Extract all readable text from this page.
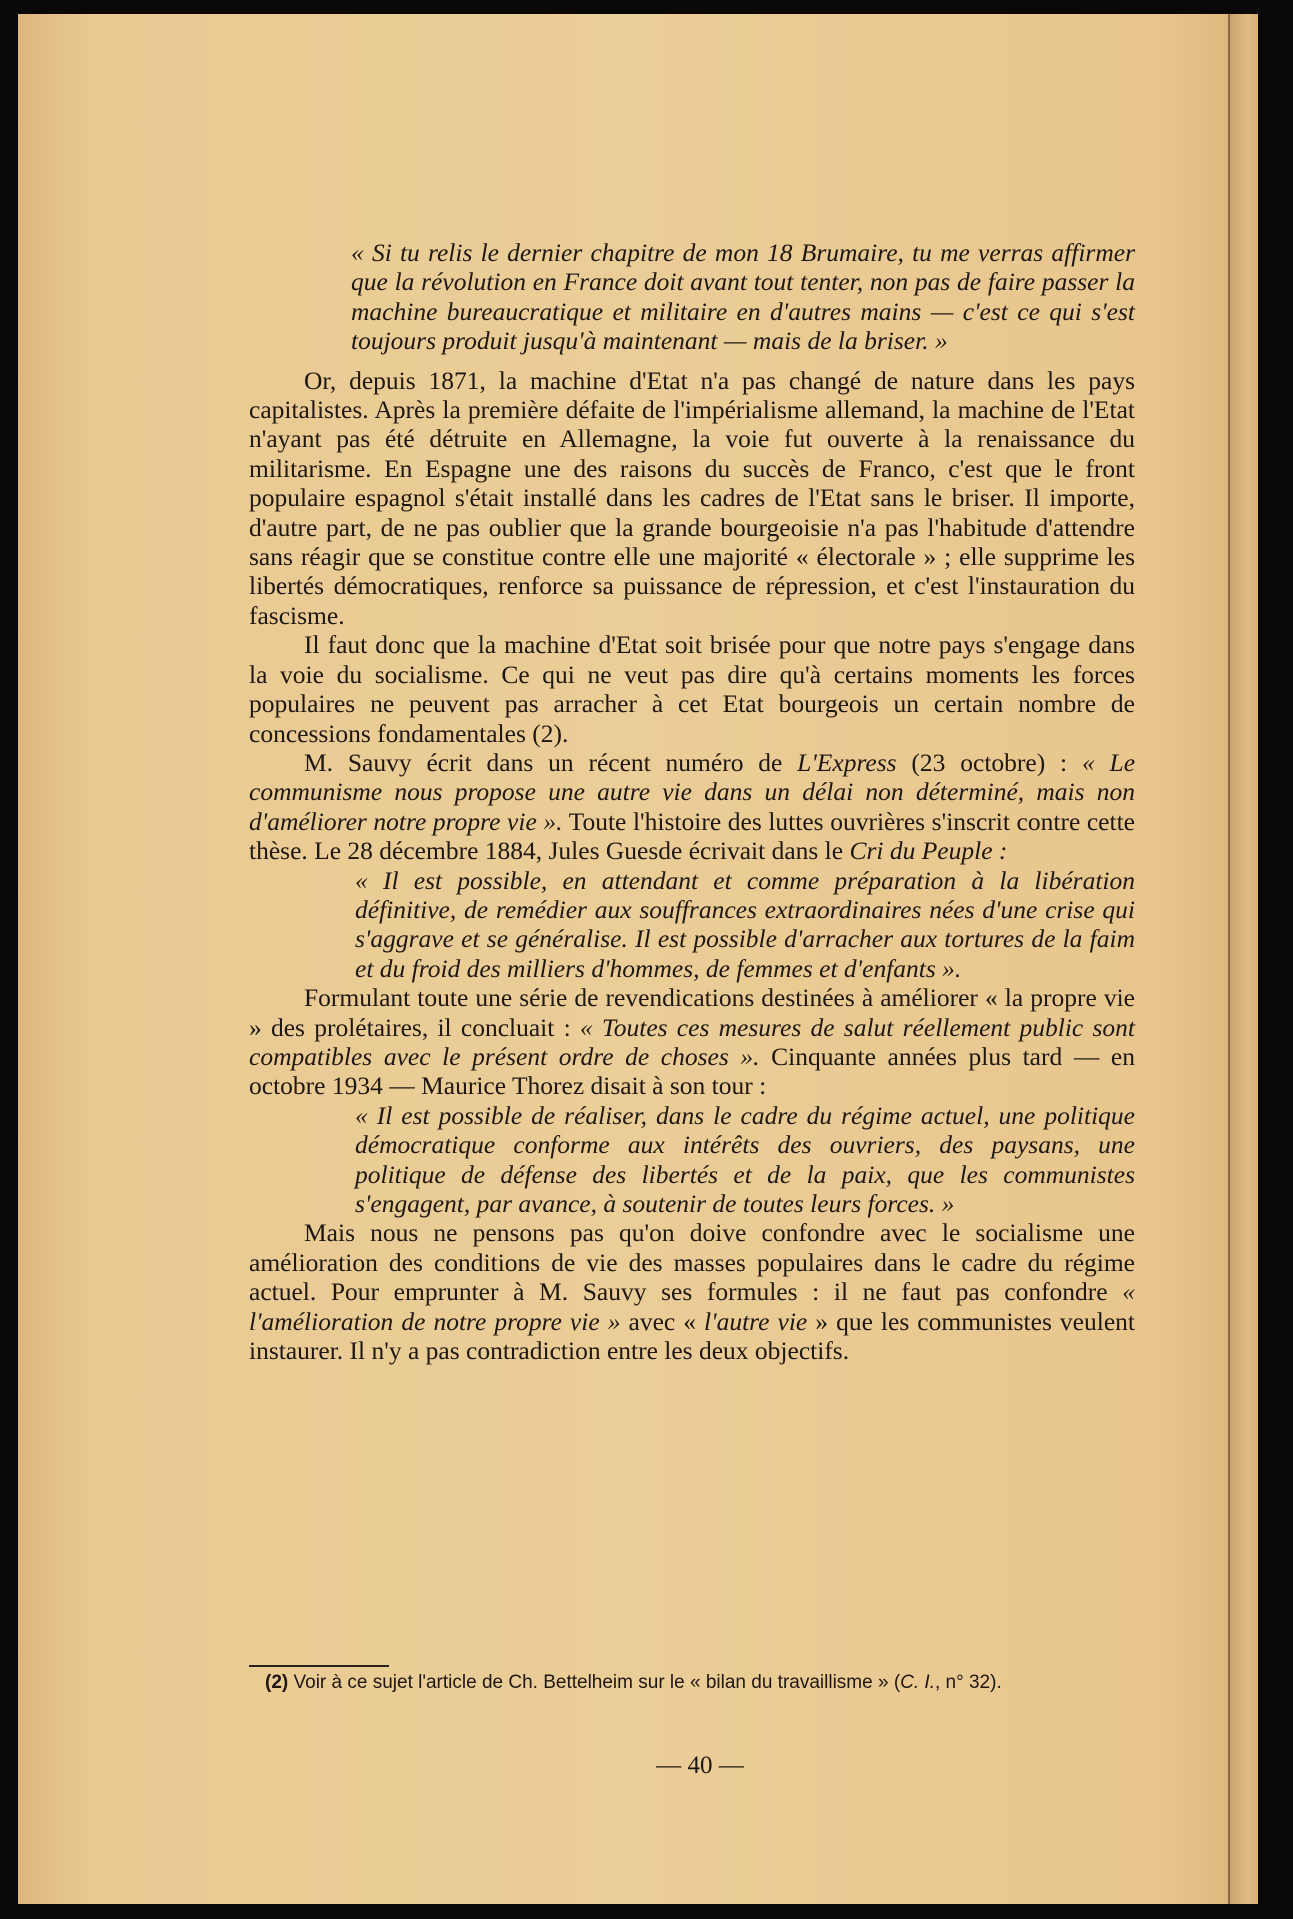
« Si tu relis le dernier chapitre de mon 18 Brumaire, tu me verras affirmer que la révolution en France doit avant tout tenter, non pas de faire passer la machine bureaucratique et militaire en d'autres mains — c'est ce qui s'est toujours produit jusqu'à maintenant — mais de la briser. »

Or, depuis 1871, la machine d'Etat n'a pas changé de nature dans les pays capitalistes. Après la première défaite de l'impérialisme allemand, la machine de l'Etat n'ayant pas été détruite en Allemagne, la voie fut ouverte à la renaissance du militarisme. En Espagne une des raisons du succès de Franco, c'est que le front populaire espagnol s'était installé dans les cadres de l'Etat sans le briser. Il importe, d'autre part, de ne pas oublier que la grande bourgeoisie n'a pas l'habitude d'attendre sans réagir que se constitue contre elle une majorité « électorale » ; elle supprime les libertés démocratiques, renforce sa puissance de répression, et c'est l'instauration du fascisme.

Il faut donc que la machine d'Etat soit brisée pour que notre pays s'engage dans la voie du socialisme. Ce qui ne veut pas dire qu'à certains moments les forces populaires ne peuvent pas arracher à cet Etat bourgeois un certain nombre de concessions fondamentales (2).

M. Sauvy écrit dans un récent numéro de L'Express (23 octobre) : « Le communisme nous propose une autre vie dans un délai non déterminé, mais non d'améliorer notre propre vie ». Toute l'histoire des luttes ouvrières s'inscrit contre cette thèse. Le 28 décembre 1884, Jules Guesde écrivait dans le Cri du Peuple :

« Il est possible, en attendant et comme préparation à la libération définitive, de remédier aux souffrances extraordinaires nées d'une crise qui s'aggrave et se généralise. Il est possible d'arracher aux tortures de la faim et du froid des milliers d'hommes, de femmes et d'enfants ».

Formulant toute une série de revendications destinées à améliorer « la propre vie » des prolétaires, il concluait : « Toutes ces mesures de salut réellement public sont compatibles avec le présent ordre de choses ». Cinquante années plus tard — en octobre 1934 — Maurice Thorez disait à son tour :

« Il est possible de réaliser, dans le cadre du régime actuel, une politique démocratique conforme aux intérêts des ouvriers, des paysans, une politique de défense des libertés et de la paix, que les communistes s'engagent, par avance, à soutenir de toutes leurs forces. »

Mais nous ne pensons pas qu'on doive confondre avec le socialisme une amélioration des conditions de vie des masses populaires dans le cadre du régime actuel. Pour emprunter à M. Sauvy ses formules : il ne faut pas confondre « l'amélioration de notre propre vie » avec « l'autre vie » que les communistes veulent instaurer. Il n'y a pas contradiction entre les deux objectifs.

(2) Voir à ce sujet l'article de Ch. Bettelheim sur le « bilan du travaillisme » (C. I., n° 32).
— 40 —
